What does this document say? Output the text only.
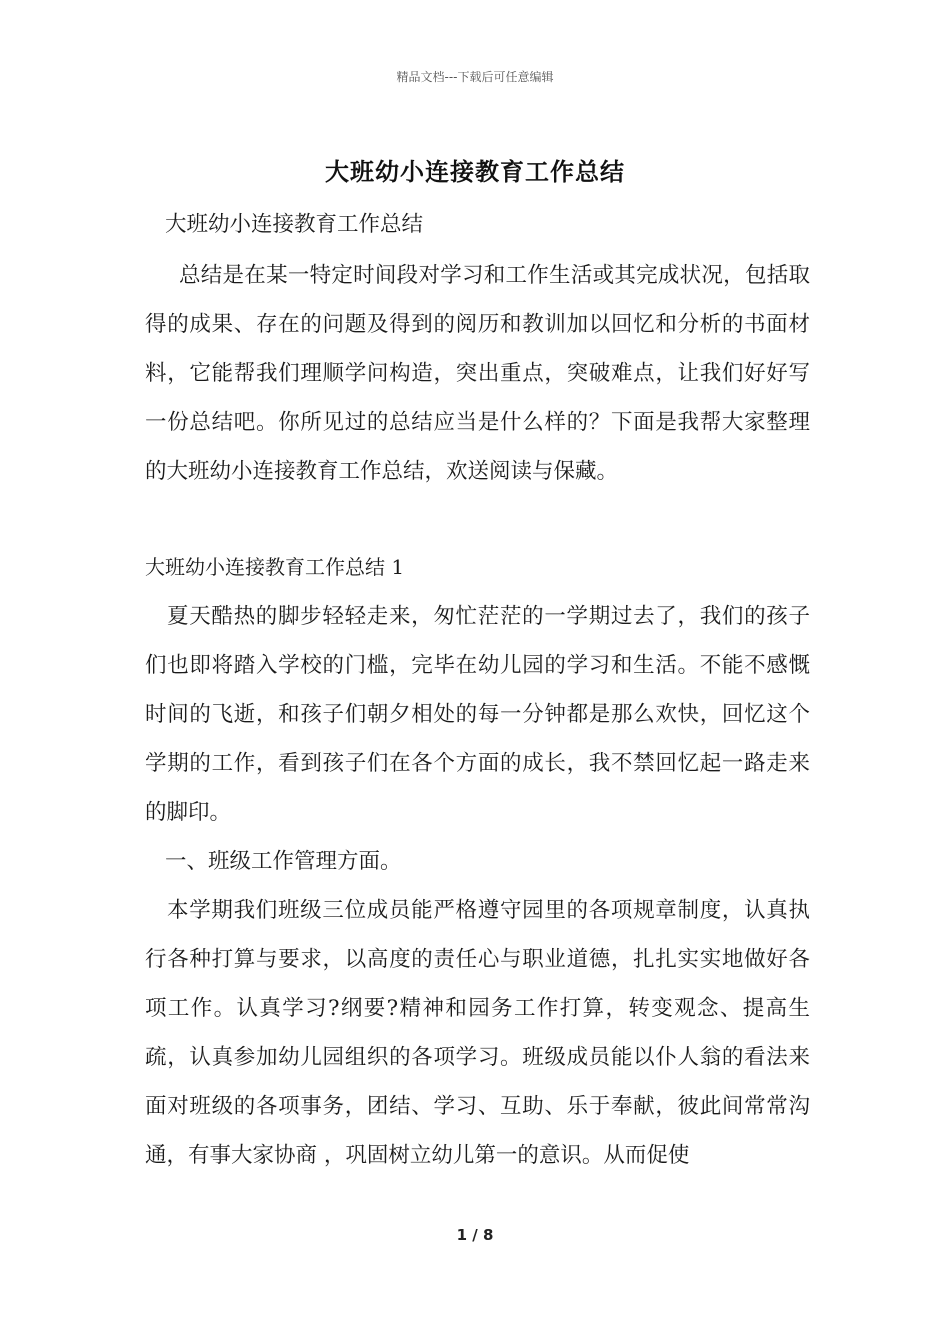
精品文档---下载后可任意编辑
大班幼小连接教育工作总结

大班幼小连接教育工作总结

总结是在某一特定时间段对学习和工作生活或其完成状况，包括取得的成果、存在的问题及得到的阅历和教训加以回忆和分析的书面材料，它能帮我们理顺学问构造，突出重点，突破难点，让我们好好写一份总结吧。你所见过的总结应当是什么样的？下面是我帮大家整理的大班幼小连接教育工作总结，欢送阅读与保藏。

大班幼小连接教育工作总结 1

夏天酷热的脚步轻轻走来，匆忙茫茫的一学期过去了，我们的孩子们也即将踏入学校的门槛，完毕在幼儿园的学习和生活。不能不感慨时间的飞逝，和孩子们朝夕相处的每一分钟都是那么欢快，回忆这个学期的工作，看到孩子们在各个方面的成长，我不禁回忆起一路走来的脚印。

一、班级工作管理方面。

本学期我们班级三位成员能严格遵守园里的各项规章制度，认真执行各种打算与要求，以高度的责任心与职业道德，扎扎实实地做好各项工作。认真学习?纲要?精神和园务工作打算，转变观念、提高生疏，认真参加幼儿园组织的各项学习。班级成员能以仆人翁的看法来面对班级的各项事务，团结、学习、互助、乐于奉献，彼此间常常沟通，有事大家协商 ，巩固树立幼儿第一的意识。从而促使

1 / 8
